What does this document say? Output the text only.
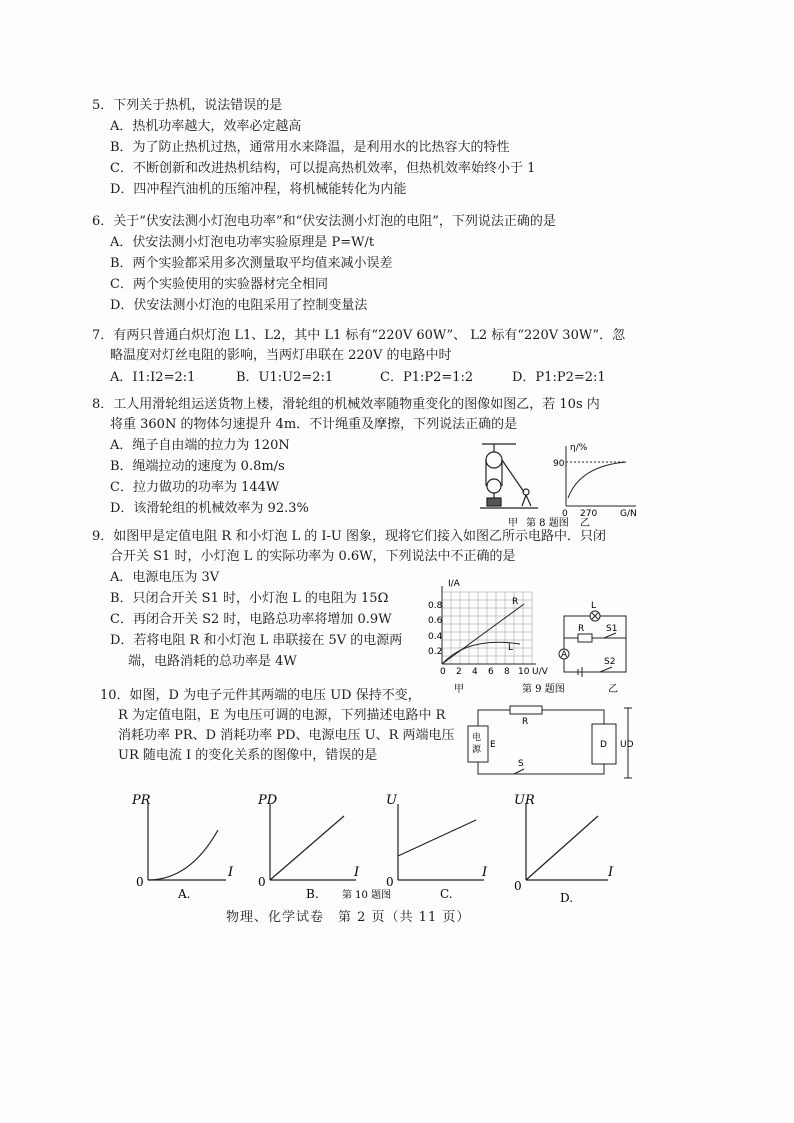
5．下列关于热机，说法错误的是

A．热机功率越大，效率必定越高

B．为了防止热机过热，通常用水来降温，是利用水的比热容大的特性

C．不断创新和改进热机结构，可以提高热机效率，但热机效率始终小于 1

D．四冲程汽油机的压缩冲程，将机械能转化为内能

6．关于“伏安法测小灯泡电功率”和“伏安法测小灯泡的电阻”，下列说法正确的是

A．伏安法测小灯泡电功率实验原理是 P=W/t

B．两个实验都采用多次测量取平均值来减小误差

C．两个实验使用的实验器材完全相同

D．伏安法测小灯泡的电阻采用了控制变量法

7．有两只普通白炽灯泡 L1、L2，其中 L1 标有“220V 60W”、 L2 标有“220V 30W”．忽

略温度对灯丝电阻的影响，当两灯串联在 220V 的电路中时

A．I1:I2=2:1	B．U1:U2=2:1	C．P1:P2=1:2	D．P1:P2=2:1

8．工人用滑轮组运送货物上楼，滑轮组的机械效率随物重变化的图像如图乙，若 10s 内

将重 360N 的物体匀速提升 4m．不计绳重及摩擦，下列说法正确的是

A．绳子自由端的拉力为 120N

B．绳端拉动的速度为 0.8m/s

C．拉力做功的功率为 144W

D．该滑轮组的机械效率为 92.3%

η/%
90
0 270	G/N
甲 第 8 题图 乙

9．如图甲是定值电阻 R 和小灯泡 L 的 I-U 图象，现将它们接入如图乙所示电路中．只闭

合开关 S1 时，小灯泡 L 的实际功率为 0.6W，下列说法中不正确的是

A．电源电压为 3V

B．只闭合开关 S1 时，小灯泡 L 的电阻为 15Ω

C．再闭合开关 S2 时，电路总功率将增加 0.9W

D．若将电阻 R 和小灯泡 L 串联接在 5V 的电源两

端，电路消耗的总功率是 4W

I/A
0.8
0.6
0.4
0.2
0 2 4 6 8 10 U/V
R
L
L
R S1
S2
A
甲	第 9 题图	乙

10．如图，D 为电子元件其两端的电压 UD 保持不变，

R 为定值电阻，E 为电压可调的电源，下列描述电路中 R

消耗功率 PR、D 消耗功率 PD、电源电压 U、R 两端电压

UR 随电流 I 的变化关系的图像中，错误的是

R
电
源 E
S
D UD
PR
I
PD
I
U
I
UR
I
0	0	0	0
A.	B.	C.	D.
第 10 题图
物理、化学试卷　第 2 页（共 11 页）
